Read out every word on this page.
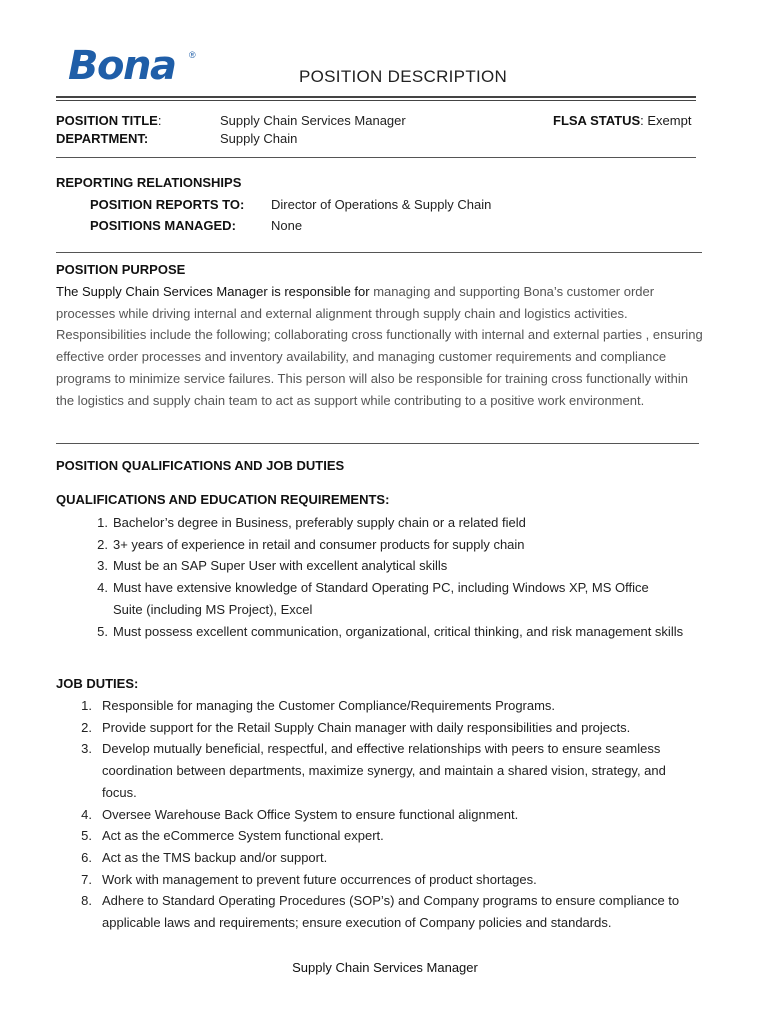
Bona ®
POSITION DESCRIPTION
POSITION TITLE:	Supply Chain Services Manager	FLSA STATUS: Exempt
DEPARTMENT:	Supply Chain
REPORTING RELATIONSHIPS
POSITION REPORTS TO: Director of Operations & Supply Chain
POSITIONS MANAGED:	None
POSITION PURPOSE
The Supply Chain Services Manager is responsible for managing and supporting Bona’s customer order processes while driving internal and external alignment through supply chain and logistics activities. Responsibilities include the following; collaborating cross functionally with internal and external parties , ensuring effective order processes and inventory availability, and managing customer requirements and compliance programs to minimize service failures. This person will also be responsible for training cross functionally within the logistics and supply chain team to act as support while contributing to a positive work environment.
POSITION QUALIFICATIONS AND JOB DUTIES
QUALIFICATIONS AND EDUCATION REQUIREMENTS:
1. Bachelor’s degree in Business, preferably supply chain or a related field
2. 3+ years of experience in retail and consumer products for supply chain
3. Must be an SAP Super User with excellent analytical skills
4. Must have extensive knowledge of Standard Operating PC, including Windows XP, MS Office Suite (including MS Project), Excel
5. Must possess excellent communication, organizational, critical thinking, and risk management skills
JOB DUTIES:
1. Responsible for managing the Customer Compliance/Requirements Programs.
2. Provide support for the Retail Supply Chain manager with daily responsibilities and projects.
3. Develop mutually beneficial, respectful, and effective relationships with peers to ensure seamless coordination between departments, maximize synergy, and maintain a shared vision, strategy, and focus.
4. Oversee Warehouse Back Office System to ensure functional alignment.
5. Act as the eCommerce System functional expert.
6. Act as the TMS backup and/or support.
7. Work with management to prevent future occurrences of product shortages.
8. Adhere to Standard Operating Procedures (SOP’s) and Company programs to ensure compliance to applicable laws and requirements; ensure execution of Company policies and standards.
Supply Chain Services Manager
